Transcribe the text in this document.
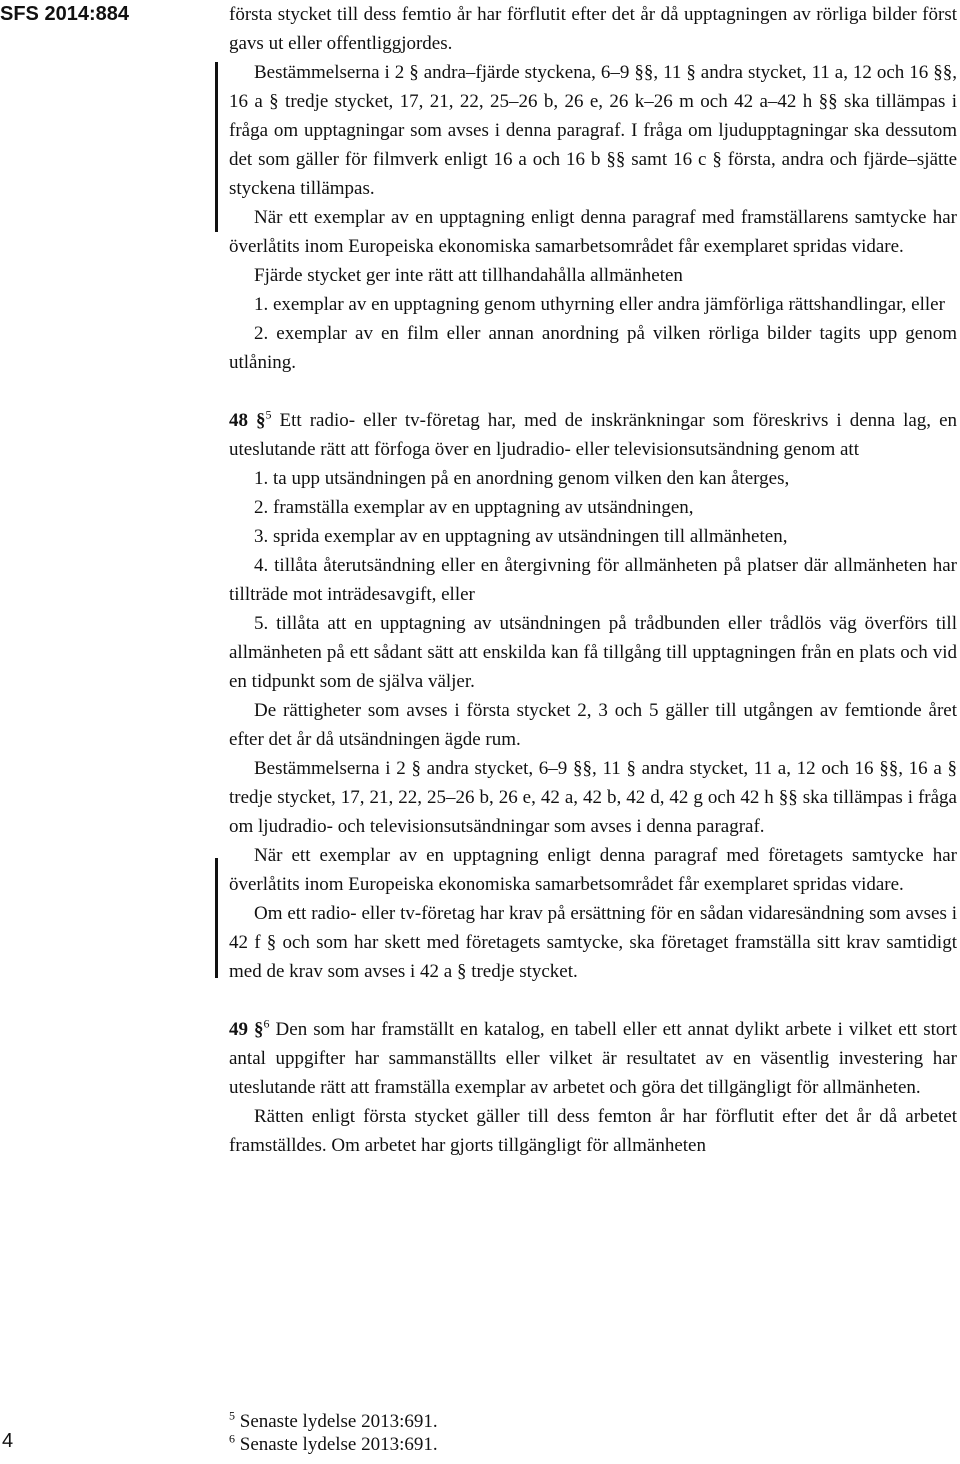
SFS 2014:884	första stycket till dess femtio år har förflutit efter det år då upptagningen av rörliga bilder först gavs ut eller offentliggjordes.

Bestämmelserna i 2 § andra–fjärde styckena, 6–9 §§, 11 § andra stycket, 11 a, 12 och 16 §§, 16 a § tredje stycket, 17, 21, 22, 25–26 b, 26 e, 26 k–26 m och 42 a–42 h §§ ska tillämpas i fråga om upptagningar som avses i denna paragraf. I fråga om ljudupptagningar ska dessutom det som gäller för filmverk enligt 16 a och 16 b §§ samt 16 c § första, andra och fjärde–sjätte styckena tillämpas.

När ett exemplar av en upptagning enligt denna paragraf med framställarens samtycke har överlåtits inom Europeiska ekonomiska samarbetsområdet får exemplaret spridas vidare.

Fjärde stycket ger inte rätt att tillhandahålla allmänheten

1. exemplar av en upptagning genom uthyrning eller andra jämförliga rättshandlingar, eller

2. exemplar av en film eller annan anordning på vilken rörliga bilder tagits upp genom utlåning.

48 §$^5$ Ett radio- eller tv-företag har, med de inskränkningar som föreskrivs i denna lag, en uteslutande rätt att förfoga över en ljudradio- eller televisionsutsändning genom att

1. ta upp utsändningen på en anordning genom vilken den kan återges,

2. framställa exemplar av en upptagning av utsändningen,

3. sprida exemplar av en upptagning av utsändningen till allmänheten,

4. tillåta återutsändning eller en återgivning för allmänheten på platser där allmänheten har tillträde mot inträdesavgift, eller

5. tillåta att en upptagning av utsändningen på trådbunden eller trådlös väg överförs till allmänheten på ett sådant sätt att enskilda kan få tillgång till upptagningen från en plats och vid en tidpunkt som de själva väljer.

De rättigheter som avses i första stycket 2, 3 och 5 gäller till utgången av femtionde året efter det år då utsändningen ägde rum.

Bestämmelserna i 2 § andra stycket, 6–9 §§, 11 § andra stycket, 11 a, 12 och 16 §§, 16 a § tredje stycket, 17, 21, 22, 25–26 b, 26 e, 42 a, 42 b, 42 d, 42 g och 42 h §§ ska tillämpas i fråga om ljudradio- och televisionsutsändningar som avses i denna paragraf.

När ett exemplar av en upptagning enligt denna paragraf med företagets samtycke har överlåtits inom Europeiska ekonomiska samarbetsområdet får exemplaret spridas vidare.

Om ett radio- eller tv-företag har krav på ersättning för en sådan vidaresändning som avses i 42 f § och som har skett med företagets samtycke, ska företaget framställa sitt krav samtidigt med de krav som avses i 42 a § tredje stycket.

49 §$^6$ Den som har framställt en katalog, en tabell eller ett annat dylikt arbete i vilket ett stort antal uppgifter har sammanställts eller vilket är resultatet av en väsentlig investering har uteslutande rätt att framställa exemplar av arbetet och göra det tillgängligt för allmänheten.

Rätten enligt första stycket gäller till dess femton år har förflutit efter det år då arbetet framställdes. Om arbetet har gjorts tillgängligt för allmänheten

$^5$ Senaste lydelse 2013:691.
$^6$ Senaste lydelse 2013:691.
4
